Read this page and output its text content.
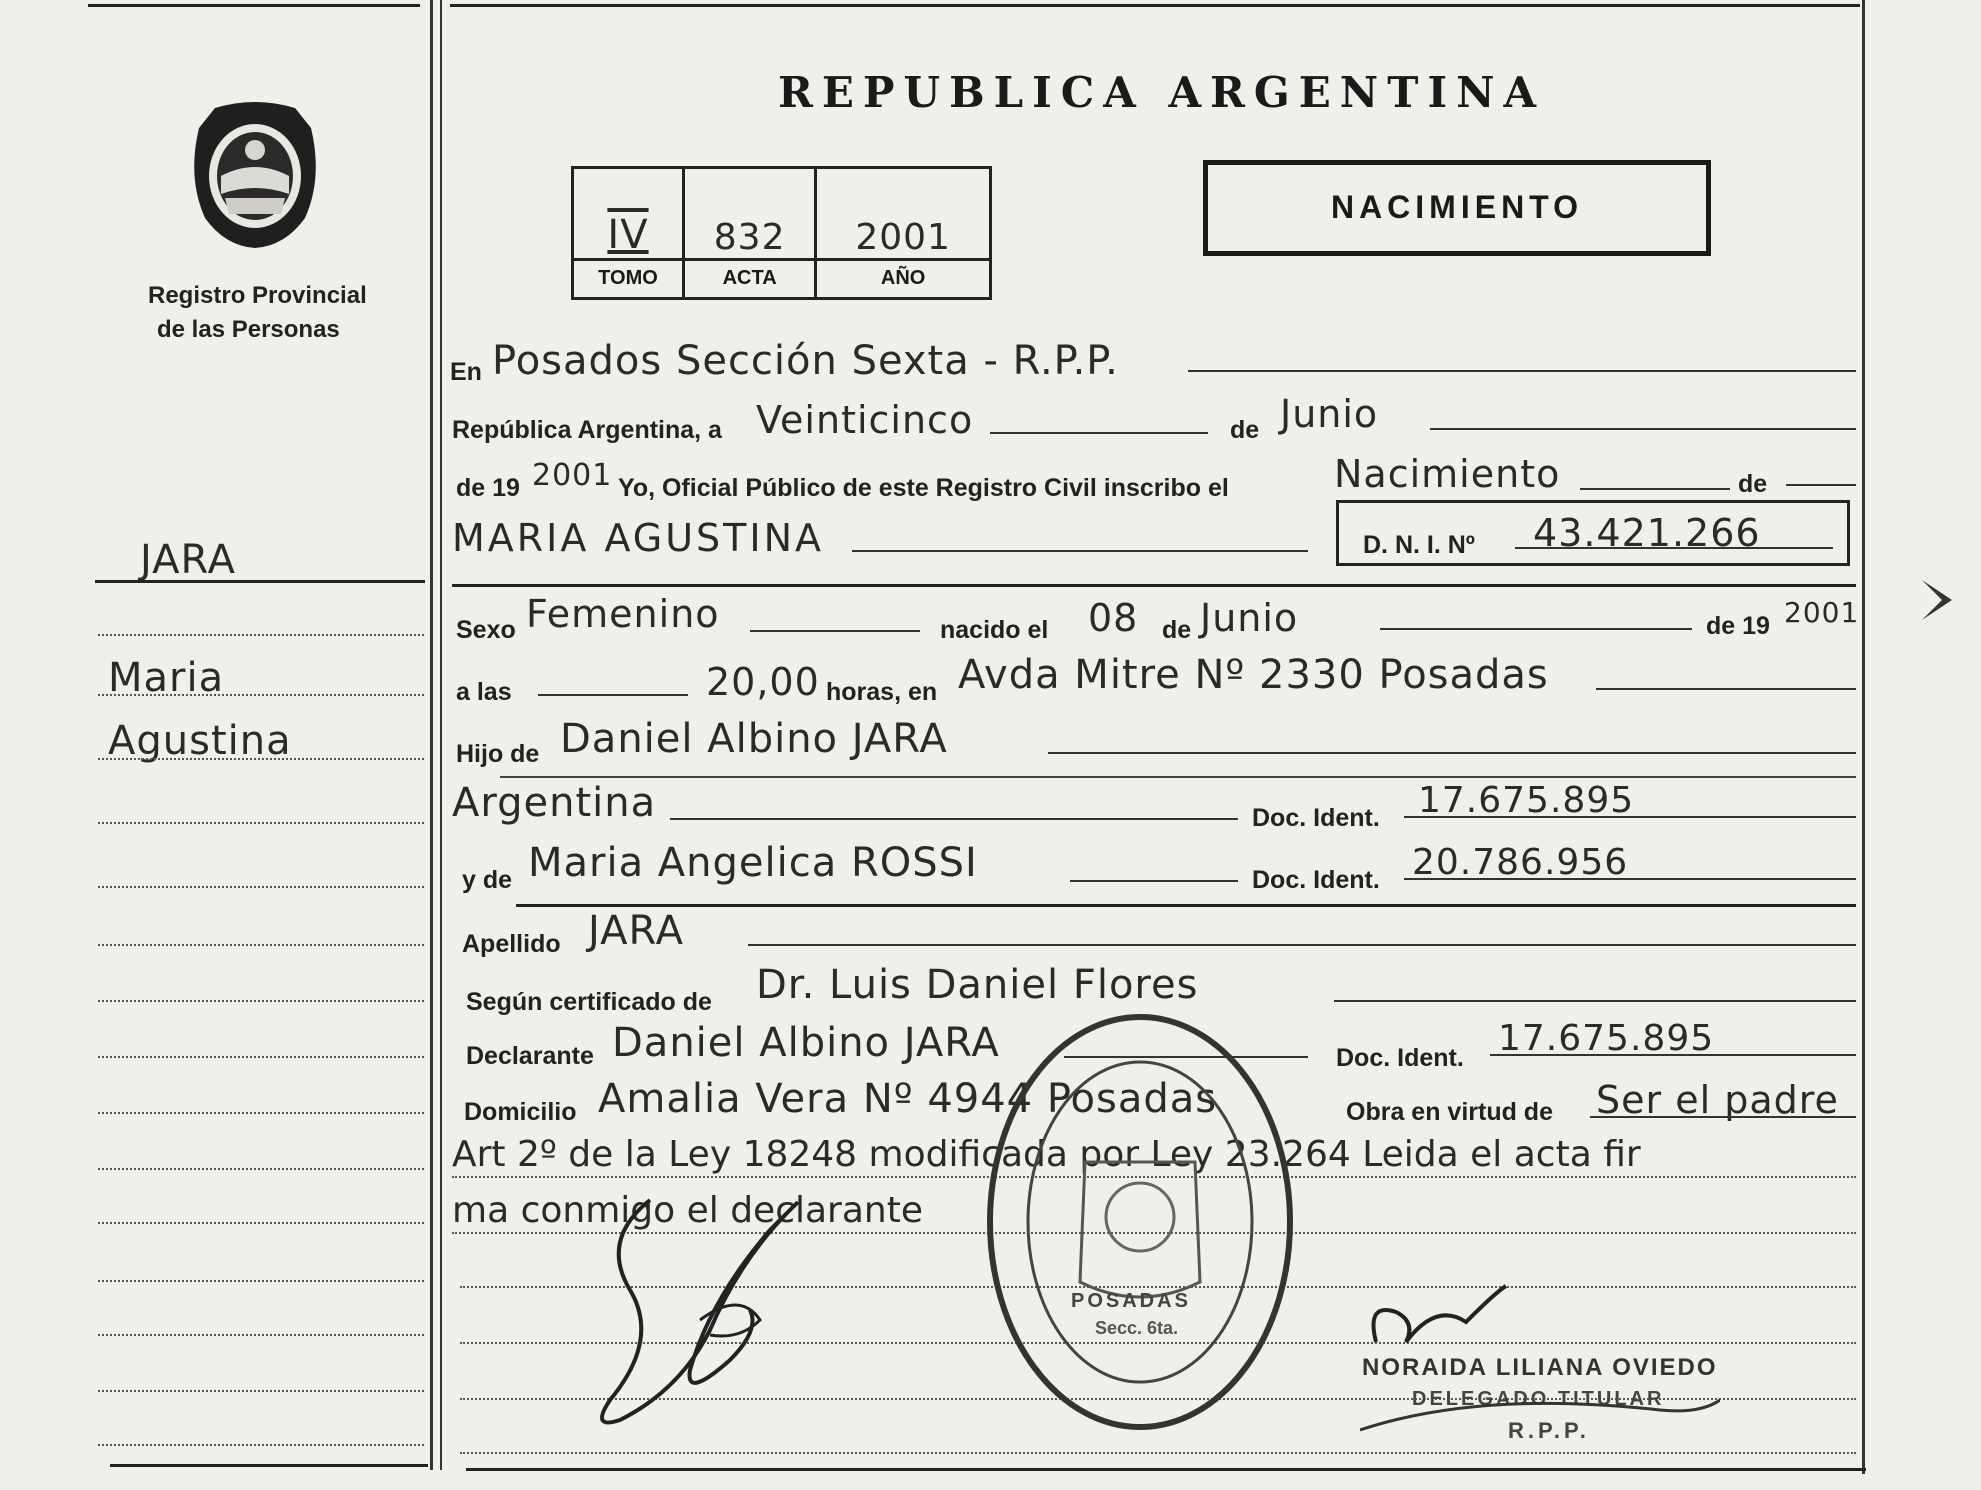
Registro Provincial
de las Personas
JARA
Maria
Agustina
REPUBLICA ARGENTINA
IV	832	2001
TOMO	ACTA	AÑO
NACIMIENTO
En Posados Sección Sexta - R.P.P.
República Argentina, a Veinticinco	de Junio
de 19 2001 Yo, Oficial Público de este Registro Civil inscribo el	Nacimiento	de
MARIA AGUSTINA	D. N. I. Nº 43.421.266
Sexo Femenino	nacido el 08 de Junio	de 19 2001
a las	20,00 horas, en Avda Mitre Nº 2330 Posadas
Hijo de Daniel Albino JARA
Argentina	Doc. Ident. 17.675.895
y de Maria Angelica ROSSI	Doc. Ident. 20.786.956
Apellido JARA
Según certificado de Dr. Luis Daniel Flores
Declarante Daniel Albino JARA	Doc. Ident. 17.675.895
Domicilio Amalia Vera Nº 4944 Posadas	Obra en virtud de Ser el padre
Art 2º de la Ley 18248 modificada por Ley 23.264 Leida el acta fir
ma conmigo el declarante
POSADAS
Secc. 6ta.
NORAIDA LILIANA OVIEDO
DELEGADO TITULAR
R.P.P.
